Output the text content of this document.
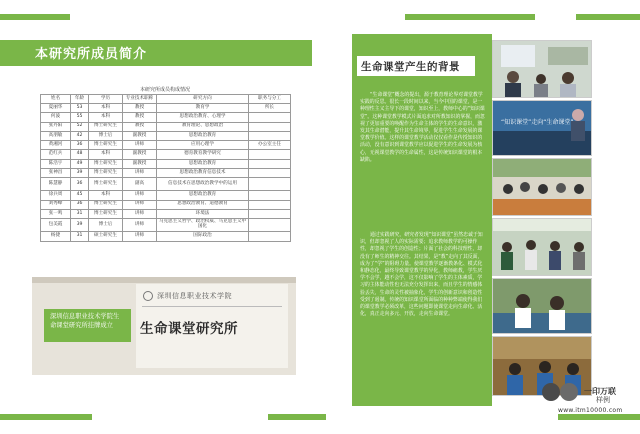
本研究所成员简介
本研究所成员构成情况
姓名	年龄	学历	专业技术职称	研究方向	职务与分工
夏丽华	53	本科	教授	教育学	所长
何波	55	本科	教授	思想政治教育、心理学	
张丹阳	52	博士研究生	教授	教育理论、思想政治	
高朋敏	42	博士后	副教授	思想政治教育	
黄湘河	36	博士研究生	讲师	应用心理学	办公室主任
范红兵	48	本科	副教授	德育教育教学研究	
陈浩宇	49	博士研究生	副教授	思想政治教育	
张神昌	39	博士研究生	讲师	思想政治教育信息技术	
陈慧静	36	博士研究生	副高	信息技术在思想政治教学中的运用	
徐兵周	45	本科	讲师	思想政治教育	
刘秀峰	36	博士研究生	讲师	思想政治教育、道德教育	
张一鸣	31	博士研究生	讲师	环境法	
包美霞	39	博士后	讲师	马克思主义哲学、政治权威、马克思主义中国化	
杨捷	31	硕士研究生	讲师	国际政治	
深圳信息职业技术学院生命课堂研究所挂牌成立
深圳信息职业技术学院
生命课堂研究所
生命课堂产生的背景
“生命课堂”概念的提出，源于教育理论界对课堂教学实践的反思。很长一段时间以来，当今中国的课堂，是一种理性主义主导下的课堂，知识至上，教师中心的“知识课堂”。这种课堂教学模式片面追求对所教知识的掌握，而忽视了更加重要的唤醒作为生命主体的学生的生命意识，激发其生命潜能，提升其生命境界，促进学生生命发展的课堂教学价值。这样的课堂教学活动仅仅看作是传授知识的活动，没有意识到课堂教学应以促进学生的生命发展为核心，无视课堂教学的生命属性，这是传统知识课堂的根本缺陷。
通过实践研究，研究者发现“知识课堂”虽然忠诚于知识，但却忽视了人的实际需要；追求教师教学的可操作性，却忽视了学生的创造性；片面了社会的科技理性，却没有了师生的精神交往。其结果，是“教”走向了其反面，成为了“学”的阻碍力量。使课堂教学逐渐教条化、模式化和静态化，最终导致课堂教学的异化，教师痛教，学生厌学不会学，越不会学，这不仅影响了学生的主体素质，学习的主体能动性也无法充分发挥出来，而且学生的情感体验丢失，生命的灵性被抽象化，学生的创新意识和创造性受到了遏制。传统的知识课堂所面临的种种弊端使得我们的课堂教学必须改革，这些问题即使课堂走向生命化、活化，真正走向多元、开放，走向生命课堂。
“知识课堂”走向“生命课堂”
一印万联
样例
www.itm10000.com
